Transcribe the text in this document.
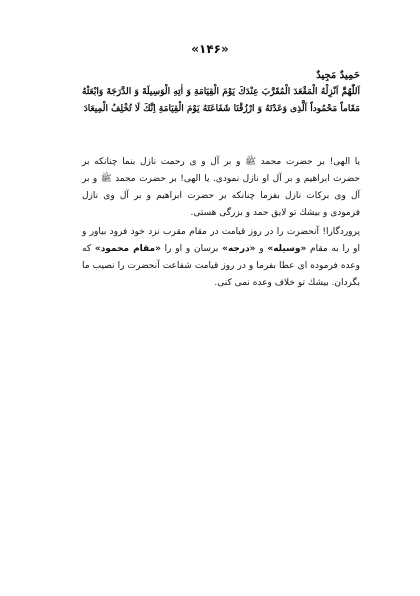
«۱۴۶»
حَمِیدٌ مَجِیدٌ
اَللّٰهُمَّ اَنْزِلْهُ الْمَقْعَدَ الْمُقَرَّبَ عِنْدَكَ یَوْمَ الْقِیَامَةِ وَ اٰتِهِ الْوَسِیلَةَ وَ الدَّرَجَةَ وَابْعَثْهُ مَقَاماً مَحْمُوداً اَلَّذِی وَعَدْتَهُ وَ ارْزُقْنَا شَفَاعَتَهُ یَوْمَ الْقِیَامَةِ اِنَّكَ لَا تُخْلِفُ الْمِیعَادَ
یا الهی! بر حضرت محمد ﷺ و بر آل و ی رحمت نازل بنما چنانكه بر حضرت ابراهیم و بر آل او نازل نمودی. یا الهی! بر حضرت محمد ﷺ و بر آل وی بركات نازل بفرما چنانكه بر حضرت ابراهیم و بر آل وی نازل فرمودی و بیشك تو لایق حمد و بزرگی هستی.
پروردگارا! آنحضرت را در روز قیامت در مقام مقرب نزد خود فرود بیاور و او را به مقام «وسیله» و «درجه» برسان و او را «مقام محمود» كه وعده فرموده ای عطا بفرما و در روز قیامت شفاعت آنحضرت را نصیب ما بگردان. بیشك تو خلاف وعده نمی كنی.
